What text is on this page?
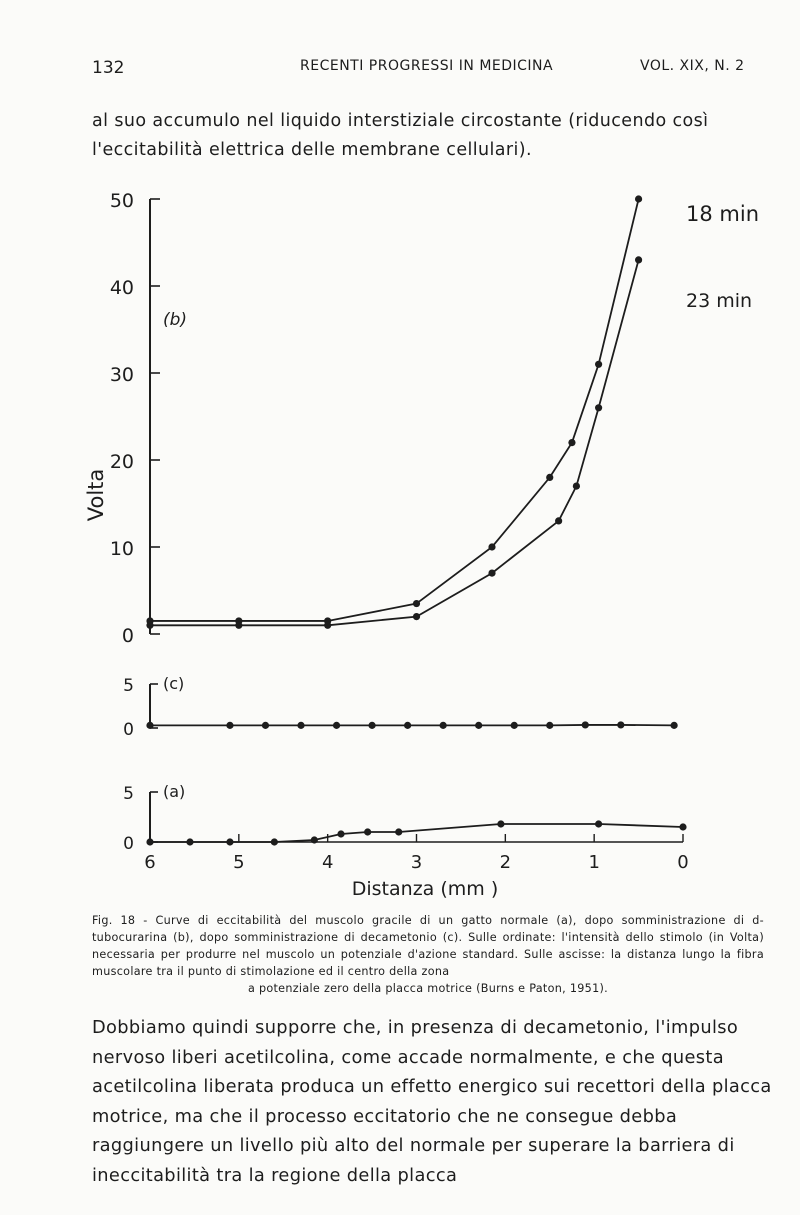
132	RECENTI PROGRESSI IN MEDICINA	VOL. XIX, N. 2
al suo accumulo nel liquido interstiziale circostante (riducendo così l'eccitabilità elettrica delle membrane cellulari).
Volta
0
10
20
30
40
50
(b)
18 min
23 min
0
5 (c)
0
5
6	5	4	3	2	1	0
(a)
Distanza (mm )
Fig. 18 - Curve di eccitabilità del muscolo gracile di un gatto normale (a), dopo somministrazione di d-tubocurarina (b), dopo somministrazione di decametonio (c). Sulle ordinate: l'intensità dello stimolo (in Volta) necessaria per produrre nel muscolo un potenziale d'azione standard. Sulle ascisse: la distanza lungo la fibra muscolare tra il punto di stimolazione ed il centro della zona
a potenziale zero della placca motrice (Burns e Paton, 1951).
Dobbiamo quindi supporre che, in presenza di decametonio, l'impulso nervoso liberi acetilcolina, come accade normalmente, e che questa acetilcolina liberata produca un effetto energico sui recettori della placca motrice, ma che il processo eccitatorio che ne consegue debba raggiungere un livello più alto del normale per superare la barriera di ineccitabilità tra la regione della placca
